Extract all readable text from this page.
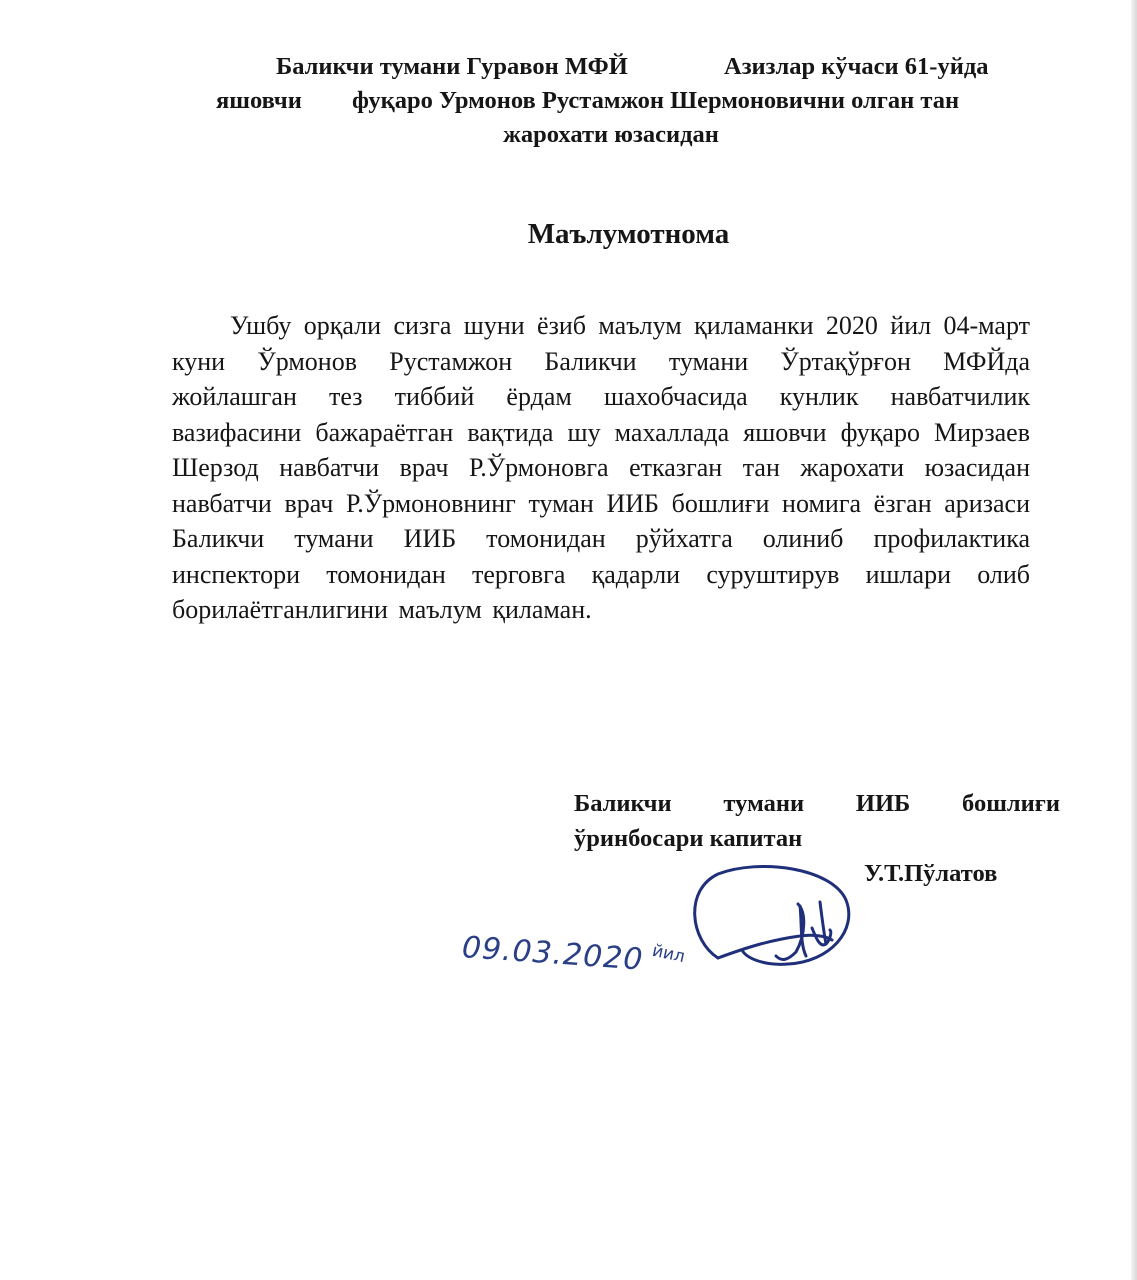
Баликчи тумани Гуравон МФЙ	Азизлар кўчаси 61-уйда
яшовчи фуқаро Урмонов Рустамжон Шермоновични олган тан
жарохати юзасидан
Маълумотнома
Ушбу орқали сизга шуни ёзиб маълум қиламанки 2020 йил 04-март куни Ўрмонов Рустамжон Баликчи тумани Ўртақўрғон МФЙда жойлашган тез тиббий ёрдам шахобчасида кунлик навбатчилик вазифасини бажараётган вақтида шу махаллада яшовчи фуқаро Мирзаев Шерзод навбатчи врач Р.Ўрмоновга етказган тан жарохати юзасидан навбатчи врач Р.Ўрмоновнинг туман ИИБ бошлиғи номига ёзган аризаси Баликчи тумани ИИБ томонидан рўйхатга олиниб профилактика инспектори томонидан терговга қадарли суруштирув ишлари олиб борилаётганлигини маълум қиламан.
Баликчи тумани ИИБ бошлиғи
ўринбосари капитан
У.Т.Пўлатов
09.03.2020 йил
